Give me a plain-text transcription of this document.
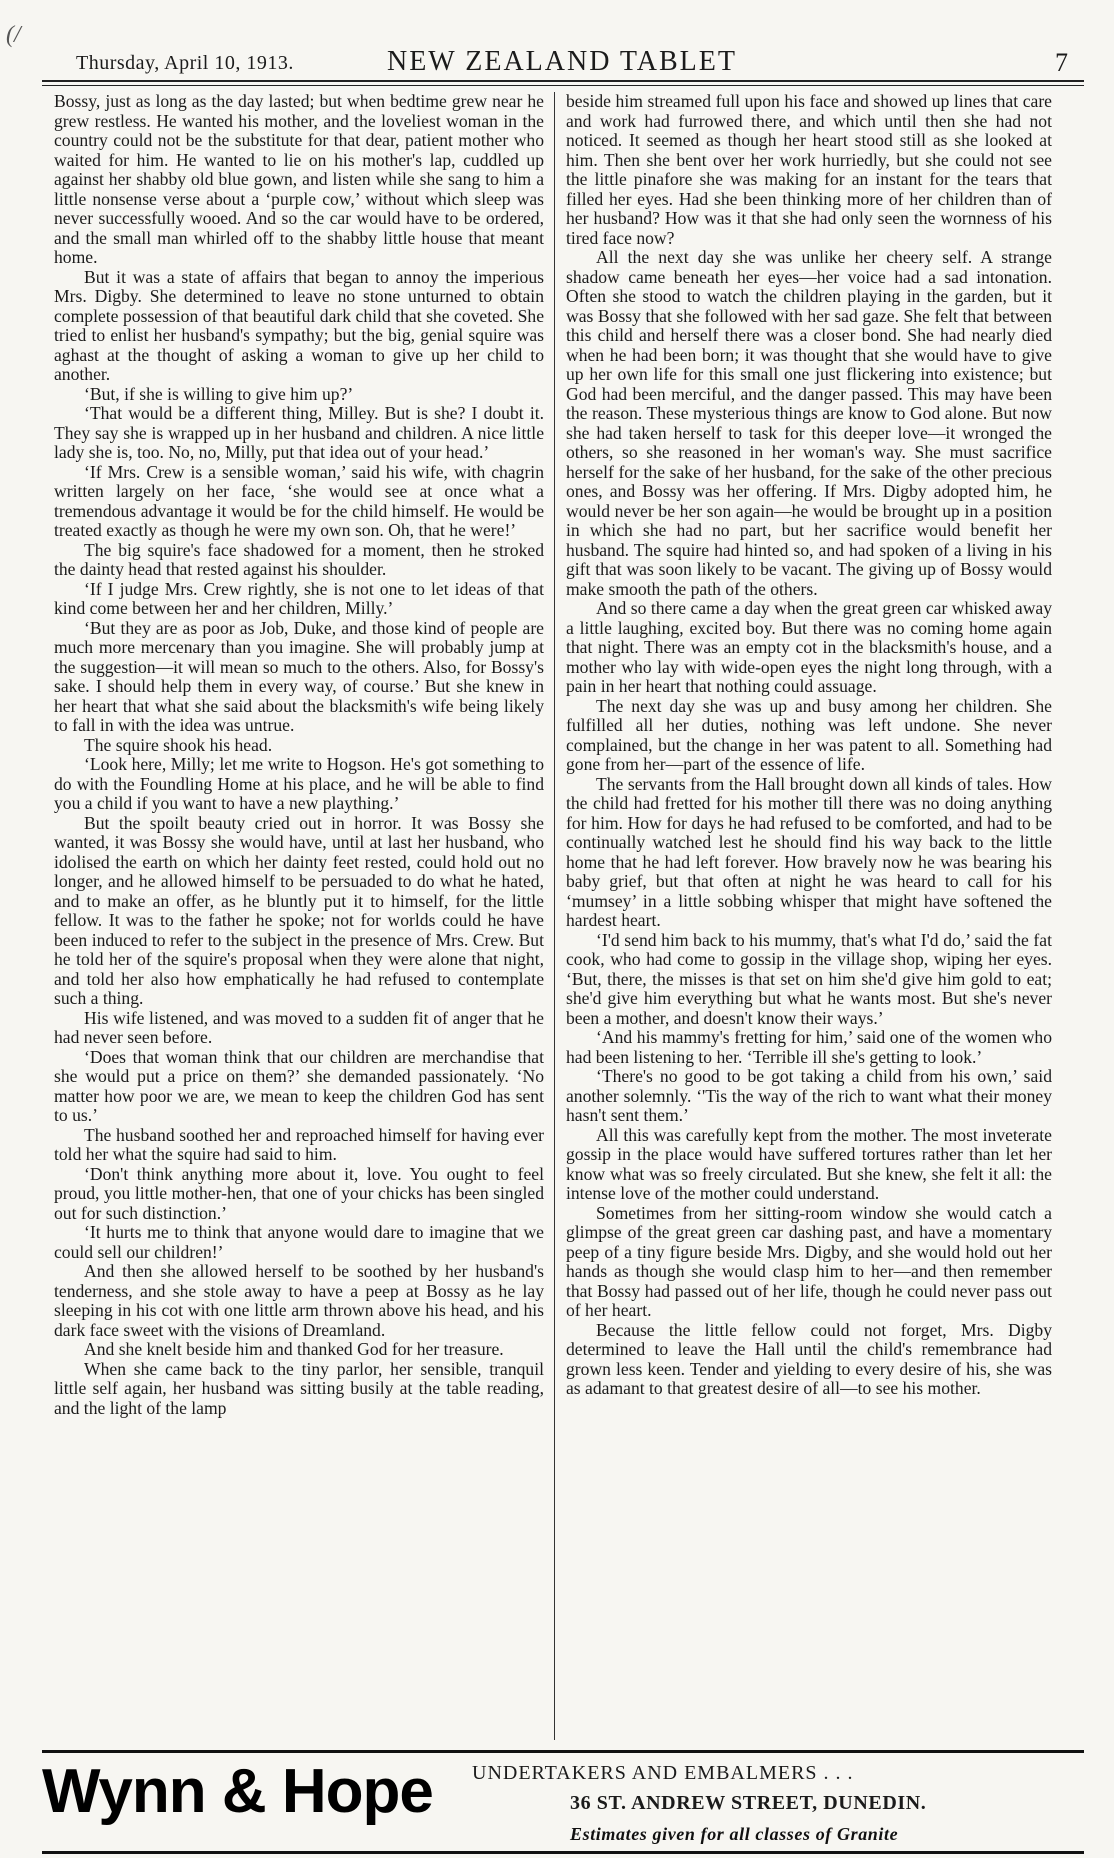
(/
Thursday, April 10, 1913.	NEW ZEALAND TABLET	7

Bossy, just as long as the day lasted; but when bedtime grew near he grew restless. He wanted his mother, and the loveliest woman in the country could not be the substitute for that dear, patient mother who waited for him. He wanted to lie on his mother's lap, cuddled up against her shabby old blue gown, and listen while she sang to him a little nonsense verse about a ‘purple cow,’ without which sleep was never successfully wooed. And so the car would have to be ordered, and the small man whirled off to the shabby little house that meant home.

But it was a state of affairs that began to annoy the imperious Mrs. Digby. She determined to leave no stone unturned to obtain complete possession of that beautiful dark child that she coveted. She tried to enlist her husband's sympathy; but the big, genial squire was aghast at the thought of asking a woman to give up her child to another.

‘But, if she is willing to give him up?’

‘That would be a different thing, Milley. But is she? I doubt it. They say she is wrapped up in her husband and children. A nice little lady she is, too. No, no, Milly, put that idea out of your head.’

‘If Mrs. Crew is a sensible woman,’ said his wife, with chagrin written largely on her face, ‘she would see at once what a tremendous advantage it would be for the child himself. He would be treated exactly as though he were my own son. Oh, that he were!’

The big squire's face shadowed for a moment, then he stroked the dainty head that rested against his shoulder.

‘If I judge Mrs. Crew rightly, she is not one to let ideas of that kind come between her and her children, Milly.’

‘But they are as poor as Job, Duke, and those kind of people are much more mercenary than you imagine. She will probably jump at the suggestion—it will mean so much to the others. Also, for Bossy's sake. I should help them in every way, of course.’ But she knew in her heart that what she said about the blacksmith's wife being likely to fall in with the idea was untrue.

The squire shook his head.

‘Look here, Milly; let me write to Hogson. He's got something to do with the Foundling Home at his place, and he will be able to find you a child if you want to have a new plaything.’

But the spoilt beauty cried out in horror. It was Bossy she wanted, it was Bossy she would have, until at last her husband, who idolised the earth on which her dainty feet rested, could hold out no longer, and he allowed himself to be persuaded to do what he hated, and to make an offer, as he bluntly put it to himself, for the little fellow. It was to the father he spoke; not for worlds could he have been induced to refer to the subject in the presence of Mrs. Crew. But he told her of the squire's proposal when they were alone that night, and told her also how emphatically he had refused to contemplate such a thing.

His wife listened, and was moved to a sudden fit of anger that he had never seen before.

‘Does that woman think that our children are merchandise that she would put a price on them?’ she demanded passionately. ‘No matter how poor we are, we mean to keep the children God has sent to us.’

The husband soothed her and reproached himself for having ever told her what the squire had said to him.

‘Don't think anything more about it, love. You ought to feel proud, you little mother-hen, that one of your chicks has been singled out for such distinction.’

‘It hurts me to think that anyone would dare to imagine that we could sell our children!’

And then she allowed herself to be soothed by her husband's tenderness, and she stole away to have a peep at Bossy as he lay sleeping in his cot with one little arm thrown above his head, and his dark face sweet with the visions of Dreamland.

And she knelt beside him and thanked God for her treasure.

When she came back to the tiny parlor, her sensible, tranquil little self again, her husband was sitting busily at the table reading, and the light of the lamp

beside him streamed full upon his face and showed up lines that care and work had furrowed there, and which until then she had not noticed. It seemed as though her heart stood still as she looked at him. Then she bent over her work hurriedly, but she could not see the little pinafore she was making for an instant for the tears that filled her eyes. Had she been thinking more of her children than of her husband? How was it that she had only seen the wornness of his tired face now?

All the next day she was unlike her cheery self. A strange shadow came beneath her eyes—her voice had a sad intonation. Often she stood to watch the children playing in the garden, but it was Bossy that she followed with her sad gaze. She felt that between this child and herself there was a closer bond. She had nearly died when he had been born; it was thought that she would have to give up her own life for this small one just flickering into existence; but God had been merciful, and the danger passed. This may have been the reason. These mysterious things are know to God alone. But now she had taken herself to task for this deeper love—it wronged the others, so she reasoned in her woman's way. She must sacrifice herself for the sake of her husband, for the sake of the other precious ones, and Bossy was her offering. If Mrs. Digby adopted him, he would never be her son again—he would be brought up in a position in which she had no part, but her sacrifice would benefit her husband. The squire had hinted so, and had spoken of a living in his gift that was soon likely to be vacant. The giving up of Bossy would make smooth the path of the others.

And so there came a day when the great green car whisked away a little laughing, excited boy. But there was no coming home again that night. There was an empty cot in the blacksmith's house, and a mother who lay with wide-open eyes the night long through, with a pain in her heart that nothing could assuage.

The next day she was up and busy among her children. She fulfilled all her duties, nothing was left undone. She never complained, but the change in her was patent to all. Something had gone from her—part of the essence of life.

The servants from the Hall brought down all kinds of tales. How the child had fretted for his mother till there was no doing anything for him. How for days he had refused to be comforted, and had to be continually watched lest he should find his way back to the little home that he had left forever. How bravely now he was bearing his baby grief, but that often at night he was heard to call for his ‘mumsey’ in a little sobbing whisper that might have softened the hardest heart.

‘I'd send him back to his mummy, that's what I'd do,’ said the fat cook, who had come to gossip in the village shop, wiping her eyes. ‘But, there, the misses is that set on him she'd give him gold to eat; she'd give him everything but what he wants most. But she's never been a mother, and doesn't know their ways.’

‘And his mammy's fretting for him,’ said one of the women who had been listening to her. ‘Terrible ill she's getting to look.’

‘There's no good to be got taking a child from his own,’ said another solemnly. ‘'Tis the way of the rich to want what their money hasn't sent them.’

All this was carefully kept from the mother. The most inveterate gossip in the place would have suffered tortures rather than let her know what was so freely circulated. But she knew, she felt it all: the intense love of the mother could understand.

Sometimes from her sitting-room window she would catch a glimpse of the great green car dashing past, and have a momentary peep of a tiny figure beside Mrs. Digby, and she would hold out her hands as though she would clasp him to her—and then remember that Bossy had passed out of her life, though he could never pass out of her heart.

Because the little fellow could not forget, Mrs. Digby determined to leave the Hall until the child's remembrance had grown less keen. Tender and yielding to every desire of his, she was as adamant to that greatest desire of all—to see his mother.

Wynn & Hope UNDERTAKERS AND EMBALMERS . . .
36 ST. ANDREW STREET, DUNEDIN.
Estimates given for all classes of Granite
